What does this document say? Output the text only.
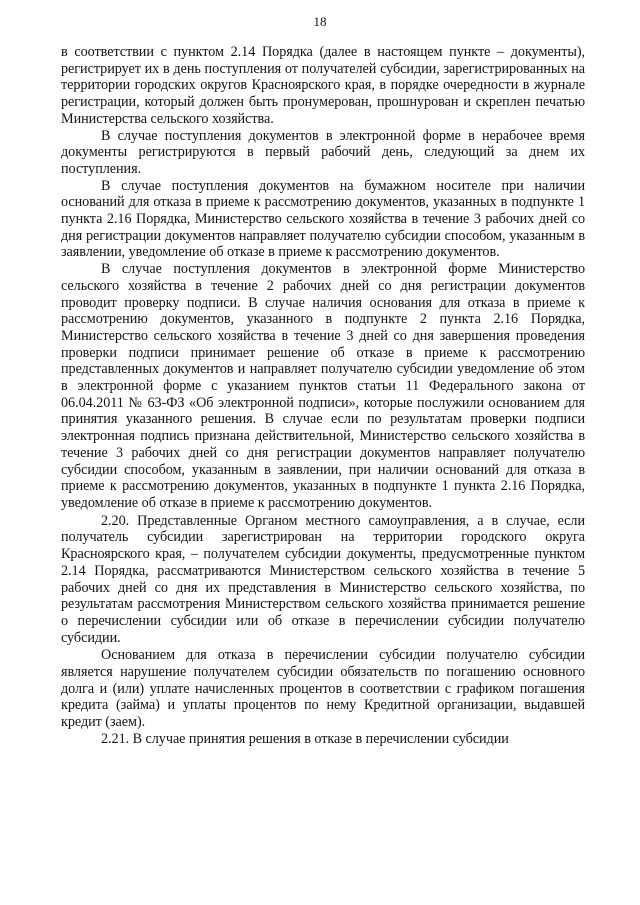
18

в соответствии с пунктом 2.14 Порядка (далее в настоящем пункте – документы), регистрирует их в день поступления от получателей субсидии, зарегистрированных на территории городских округов Красноярского края, в порядке очередности в журнале регистрации, который должен быть пронумерован, прошнурован и скреплен печатью Министерства сельского хозяйства.

В случае поступления документов в электронной форме в нерабочее время документы регистрируются в первый рабочий день, следующий за днем их поступления.

В случае поступления документов на бумажном носителе при наличии оснований для отказа в приеме к рассмотрению документов, указанных в подпункте 1 пункта 2.16 Порядка, Министерство сельского хозяйства в течение 3 рабочих дней со дня регистрации документов направляет получателю субсидии способом, указанным в заявлении, уведомление об отказе в приеме к рассмотрению документов.

В случае поступления документов в электронной форме Министерство сельского хозяйства в течение 2 рабочих дней со дня регистрации документов проводит проверку подписи. В случае наличия основания для отказа в приеме к рассмотрению документов, указанного в подпункте 2 пункта 2.16 Порядка, Министерство сельского хозяйства в течение 3 дней со дня завершения проведения проверки подписи принимает решение об отказе в приеме к рассмотрению представленных документов и направляет получателю субсидии уведомление об этом в электронной форме с указанием пунктов статьи 11 Федерального закона от 06.04.2011 № 63-ФЗ «Об электронной подписи», которые послужили основанием для принятия указанного решения. В случае если по результатам проверки подписи электронная подпись признана действительной, Министерство сельского хозяйства в течение 3 рабочих дней со дня регистрации документов направляет получателю субсидии способом, указанным в заявлении, при наличии оснований для отказа в приеме к рассмотрению документов, указанных в подпункте 1 пункта 2.16 Порядка, уведомление об отказе в приеме к рассмотрению документов.

2.20. Представленные Органом местного самоуправления, а в случае, если получатель субсидии зарегистрирован на территории городского округа Красноярского края, – получателем субсидии документы, предусмотренные пунктом 2.14 Порядка, рассматриваются Министерством сельского хозяйства в течение 5 рабочих дней со дня их представления в Министерство сельского хозяйства, по результатам рассмотрения Министерством сельского хозяйства принимается решение о перечислении субсидии или об отказе в перечислении субсидии получателю субсидии.

Основанием для отказа в перечислении субсидии получателю субсидии является нарушение получателем субсидии обязательств по погашению основного долга и (или) уплате начисленных процентов в соответствии с графиком погашения кредита (займа) и уплаты процентов по нему Кредитной организации, выдавшей кредит (заем).

2.21. В случае принятия решения в отказе в перечислении субсидии
